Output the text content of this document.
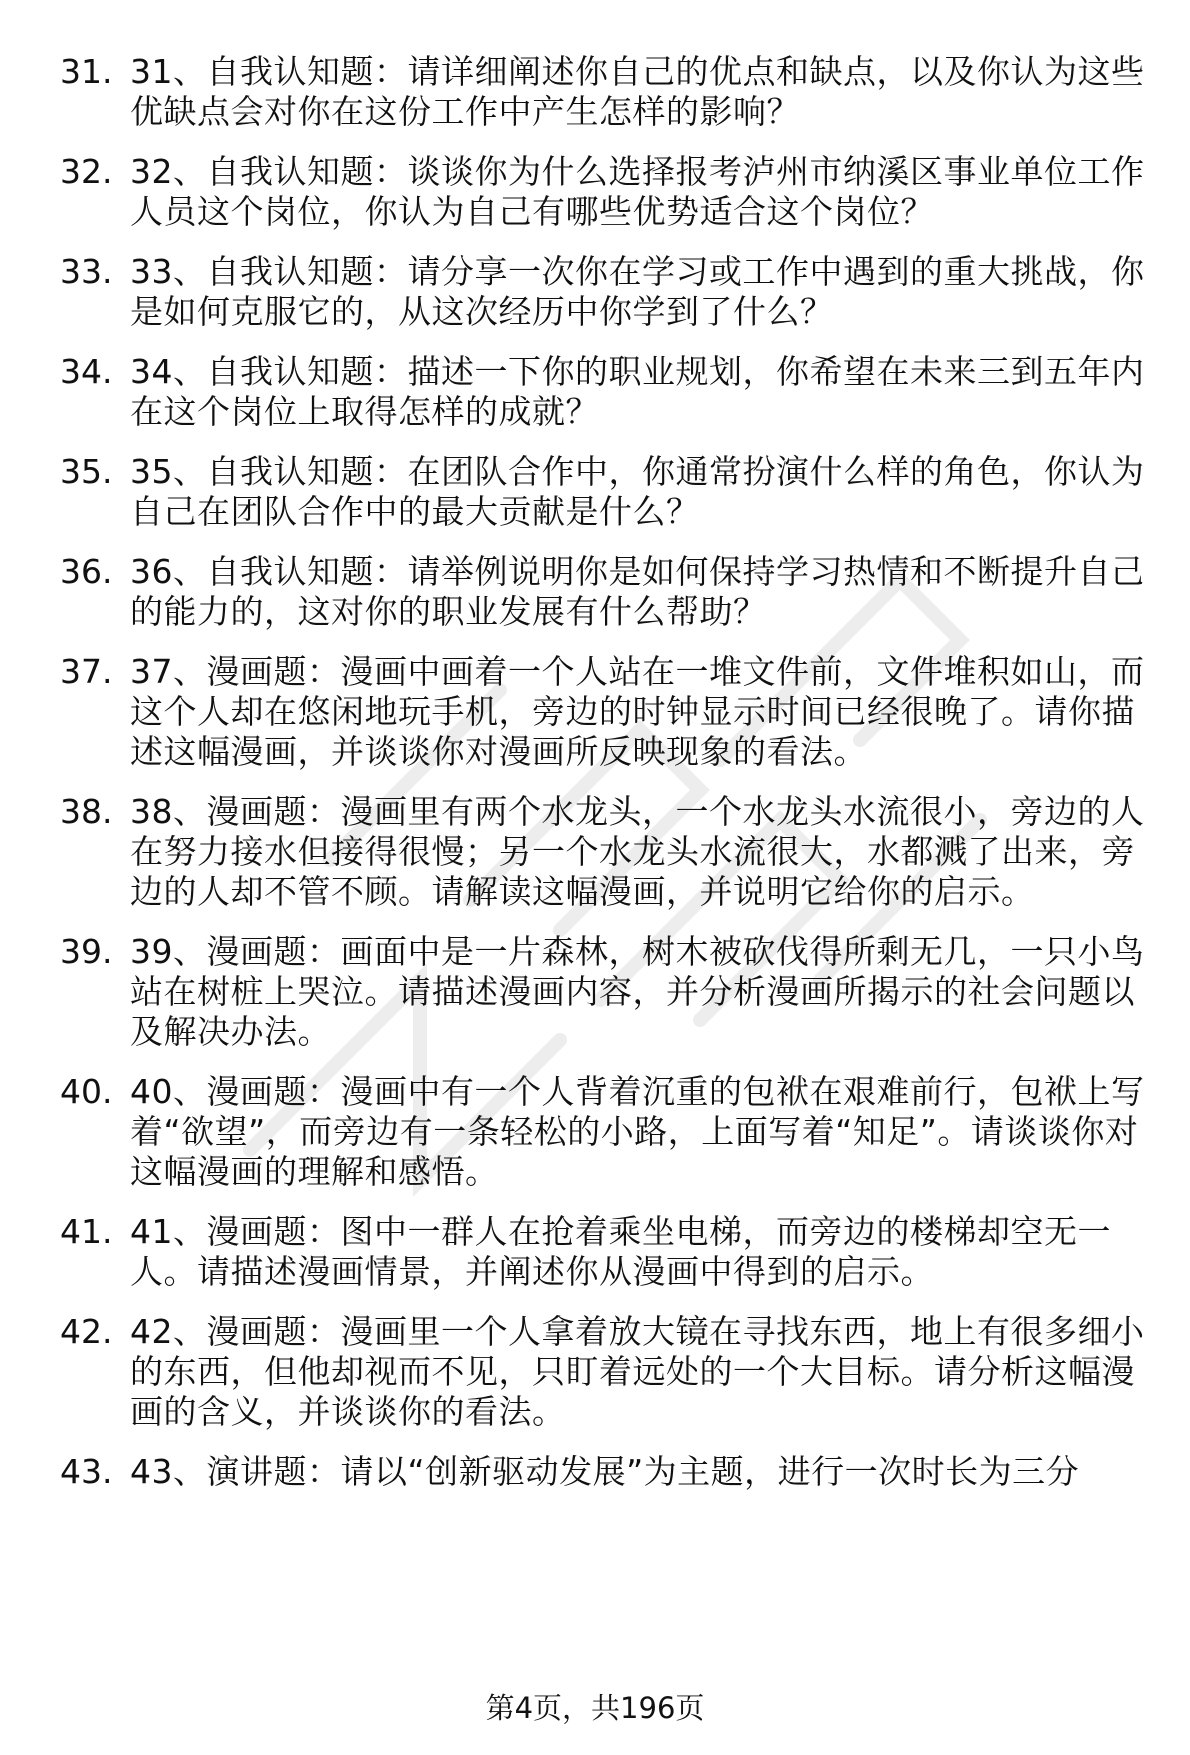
31. 31、自我认知题：请详细阐述你自己的优点和缺点，以及你认为这些优缺点会对你在这份工作中产生怎样的影响？
32. 32、自我认知题：谈谈你为什么选择报考泸州市纳溪区事业单位工作人员这个岗位，你认为自己有哪些优势适合这个岗位？
33. 33、自我认知题：请分享一次你在学习或工作中遇到的重大挑战，你是如何克服它的，从这次经历中你学到了什么？
34. 34、自我认知题：描述一下你的职业规划，你希望在未来三到五年内在这个岗位上取得怎样的成就？
35. 35、自我认知题：在团队合作中，你通常扮演什么样的角色，你认为自己在团队合作中的最大贡献是什么？
36. 36、自我认知题：请举例说明你是如何保持学习热情和不断提升自己的能力的，这对你的职业发展有什么帮助？
37. 37、漫画题：漫画中画着一个人站在一堆文件前，文件堆积如山，而这个人却在悠闲地玩手机，旁边的时钟显示时间已经很晚了。请你描述这幅漫画，并谈谈你对漫画所反映现象的看法。
38. 38、漫画题：漫画里有两个水龙头，一个水龙头水流很小，旁边的人在努力接水但接得很慢；另一个水龙头水流很大，水都溅了出来，旁边的人却不管不顾。请解读这幅漫画，并说明它给你的启示。
39. 39、漫画题：画面中是一片森林，树木被砍伐得所剩无几，一只小鸟站在树桩上哭泣。请描述漫画内容，并分析漫画所揭示的社会问题以及解决办法。
40. 40、漫画题：漫画中有一个人背着沉重的包袱在艰难前行，包袱上写着“欲望”，而旁边有一条轻松的小路，上面写着“知足”。请谈谈你对这幅漫画的理解和感悟。
41. 41、漫画题：图中一群人在抢着乘坐电梯，而旁边的楼梯却空无一人。请描述漫画情景，并阐述你从漫画中得到的启示。
42. 42、漫画题：漫画里一个人拿着放大镜在寻找东西，地上有很多细小的东西，但他却视而不见，只盯着远处的一个大目标。请分析这幅漫画的含义，并谈谈你的看法。
43. 43、演讲题：请以“创新驱动发展”为主题，进行一次时长为三分
第4页，共196页
